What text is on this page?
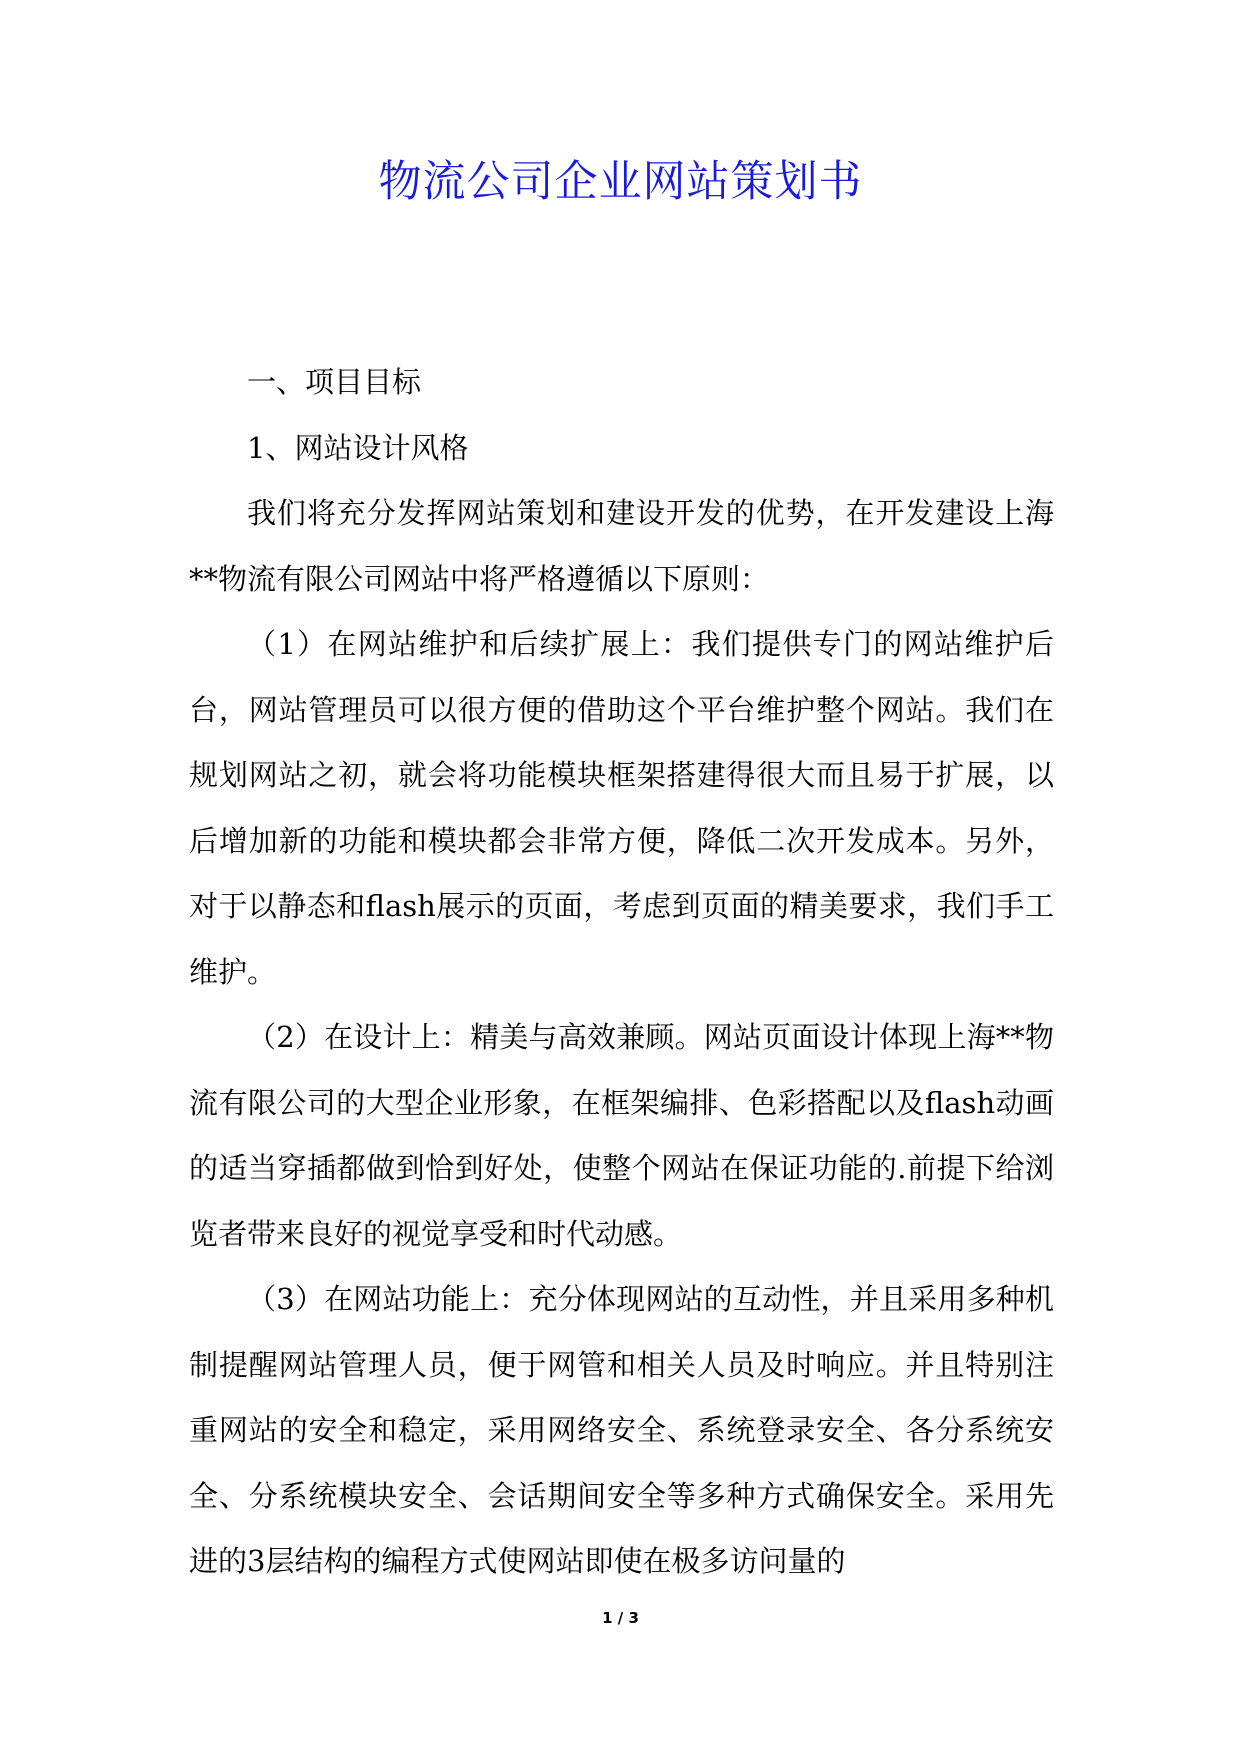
物流公司企业网站策划书

一、项目目标

1、网站设计风格

我们将充分发挥网站策划和建设开发的优势，在开发建设上海**物流有限公司网站中将严格遵循以下原则：

（1）在网站维护和后续扩展上：我们提供专门的网站维护后台，网站管理员可以很方便的借助这个平台维护整个网站。我们在规划网站之初，就会将功能模块框架搭建得很大而且易于扩展，以后增加新的功能和模块都会非常方便，降低二次开发成本。另外，对于以静态和flash展示的页面，考虑到页面的精美要求，我们手工维护。

（2）在设计上：精美与高效兼顾。网站页面设计体现上海**物流有限公司的大型企业形象，在框架编排、色彩搭配以及flash动画的适当穿插都做到恰到好处，使整个网站在保证功能的.前提下给浏览者带来良好的视觉享受和时代动感。

（3）在网站功能上：充分体现网站的互动性，并且采用多种机制提醒网站管理人员，便于网管和相关人员及时响应。并且特别注重网站的安全和稳定，采用网络安全、系统登录安全、各分系统安全、分系统模块安全、会话期间安全等多种方式确保安全。采用先进的3层结构的编程方式使网站即使在极多访问量的

1 / 3
